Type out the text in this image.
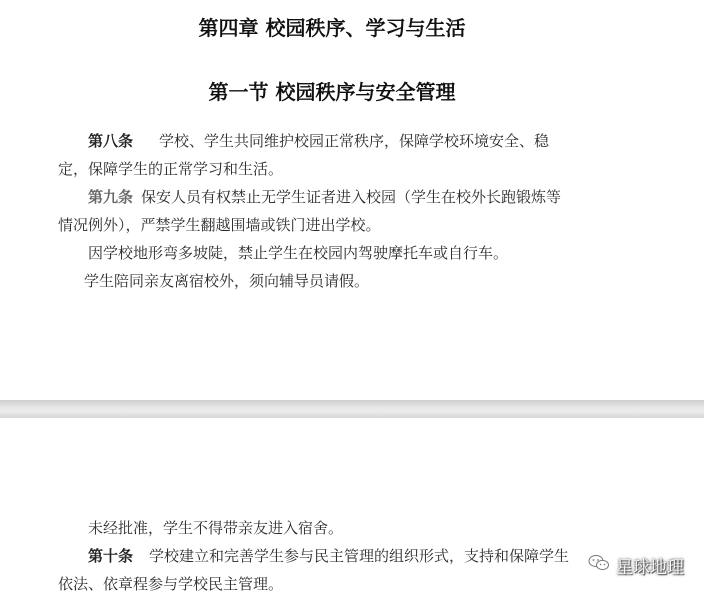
第四章 校园秩序、学习与生活
第一节 校园秩序与安全管理
第八条 学校、学生共同维护校园正常秩序，保障学校环境安全、稳
定，保障学生的正常学习和生活。
第九条 保安人员有权禁止无学生证者进入校园（学生在校外长跑锻炼等
情况例外），严禁学生翻越围墙或铁门进出学校。
因学校地形弯多坡陡，禁止学生在校园内驾驶摩托车或自行车。
学生陪同亲友离宿校外，须向辅导员请假。
未经批准，学生不得带亲友进入宿舍。
第十条 学校建立和完善学生参与民主管理的组织形式，支持和保障学生
依法、依章程参与学校民主管理。
星球地理
